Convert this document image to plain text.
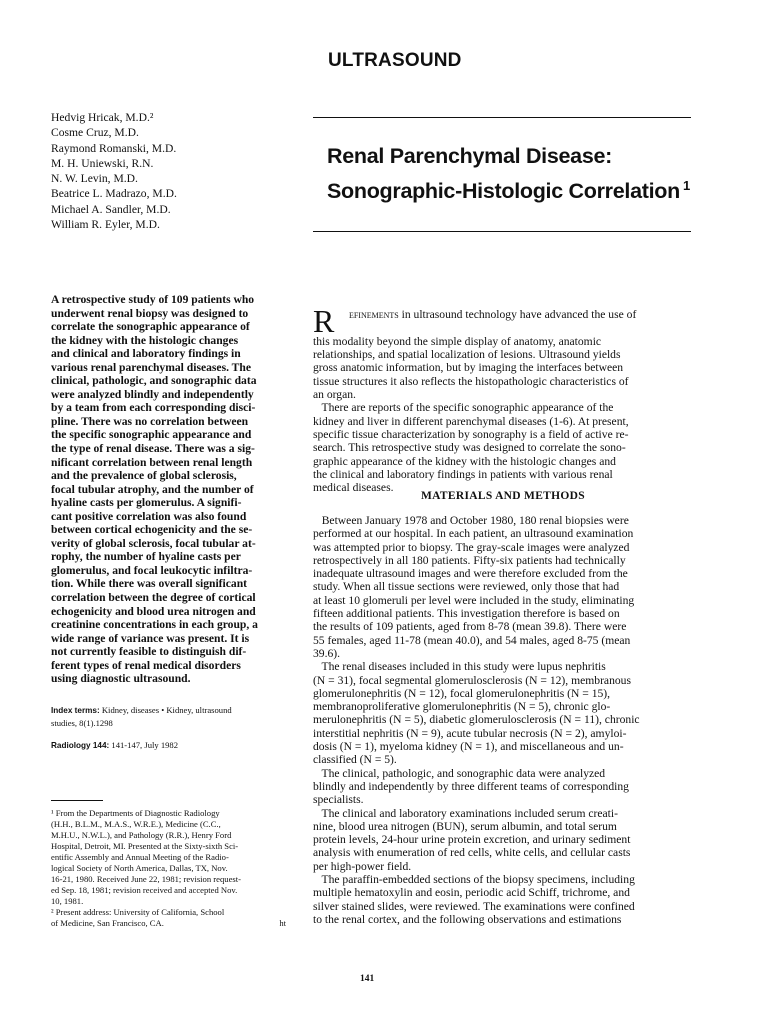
ULTRASOUND
Hedvig Hricak, M.D.²
Cosme Cruz, M.D.
Raymond Romanski, M.D.
M. H. Uniewski, R.N.
N. W. Levin, M.D.
Beatrice L. Madrazo, M.D.
Michael A. Sandler, M.D.
William R. Eyler, M.D.
Renal Parenchymal Disease:
Sonographic-Histologic Correlation $^1$
A retrospective study of 109 patients who
underwent renal biopsy was designed to
correlate the sonographic appearance of
the kidney with the histologic changes
and clinical and laboratory findings in
various renal parenchymal diseases. The
clinical, pathologic, and sonographic data
were analyzed blindly and independently
by a team from each corresponding disci-
pline. There was no correlation between
the specific sonographic appearance and
the type of renal disease. There was a sig-
nificant correlation between renal length
and the prevalence of global sclerosis,
focal tubular atrophy, and the number of
hyaline casts per glomerulus. A signifi-
cant positive correlation was also found
between cortical echogenicity and the se-
verity of global sclerosis, focal tubular at-
rophy, the number of hyaline casts per
glomerulus, and focal leukocytic infiltra-
tion. While there was overall significant
correlation between the degree of cortical
echogenicity and blood urea nitrogen and
creatinine concentrations in each group, a
wide range of variance was present. It is
not currently feasible to distinguish dif-
ferent types of renal medical disorders
using diagnostic ultrasound.
Index terms: Kidney, diseases • Kidney, ultrasound
studies, 8(1).1298
Radiology 144: 141-147, July 1982
¹ From the Departments of Diagnostic Radiology
(H.H., B.L.M., M.A.S., W.R.E.), Medicine (C.C.,
M.H.U., N.W.L.), and Pathology (R.R.), Henry Ford
Hospital, Detroit, MI. Presented at the Sixty-sixth Sci-
entific Assembly and Annual Meeting of the Radio-
logical Society of North America, Dallas, TX, Nov.
16-21, 1980. Received June 22, 1981; revision request-
ed Sep. 18, 1981; revision received and accepted Nov.
10, 1981.
² Present address: University of California, School
of Medicine, San Francisco, CA.	ht

R efinements in ultrasound technology have advanced the use of

this modality beyond the simple display of anatomy, anatomic
relationships, and spatial localization of lesions. Ultrasound yields
gross anatomic information, but by imaging the interfaces between
tissue structures it also reflects the histopathologic characteristics of
an organ.
There are reports of the specific sonographic appearance of the
kidney and liver in different parenchymal diseases (1-6). At present,
specific tissue characterization by sonography is a field of active re-
search. This retrospective study was designed to correlate the sono-
graphic appearance of the kidney with the histologic changes and
the clinical and laboratory findings in patients with various renal
medical diseases.
MATERIALS AND METHODS
Between January 1978 and October 1980, 180 renal biopsies were
performed at our hospital. In each patient, an ultrasound examination
was attempted prior to biopsy. The gray-scale images were analyzed
retrospectively in all 180 patients. Fifty-six patients had technically
inadequate ultrasound images and were therefore excluded from the
study. When all tissue sections were reviewed, only those that had
at least 10 glomeruli per level were included in the study, eliminating
fifteen additional patients. This investigation therefore is based on
the results of 109 patients, aged from 8-78 (mean 39.8). There were
55 females, aged 11-78 (mean 40.0), and 54 males, aged 8-75 (mean
39.6).
The renal diseases included in this study were lupus nephritis
(N = 31), focal segmental glomerulosclerosis (N = 12), membranous
glomerulonephritis (N = 12), focal glomerulonephritis (N = 15),
membranoproliferative glomerulonephritis (N = 5), chronic glo-
merulonephritis (N = 5), diabetic glomerulosclerosis (N = 11), chronic
interstitial nephritis (N = 9), acute tubular necrosis (N = 2), amyloi-
dosis (N = 1), myeloma kidney (N = 1), and miscellaneous and un-
classified (N = 5).
The clinical, pathologic, and sonographic data were analyzed
blindly and independently by three different teams of corresponding
specialists.
The clinical and laboratory examinations included serum creati-
nine, blood urea nitrogen (BUN), serum albumin, and total serum
protein levels, 24-hour urine protein excretion, and urinary sediment
analysis with enumeration of red cells, white cells, and cellular casts
per high-power field.
The paraffin-embedded sections of the biopsy specimens, including
multiple hematoxylin and eosin, periodic acid Schiff, trichrome, and
silver stained slides, were reviewed. The examinations were confined
to the renal cortex, and the following observations and estimations
141
